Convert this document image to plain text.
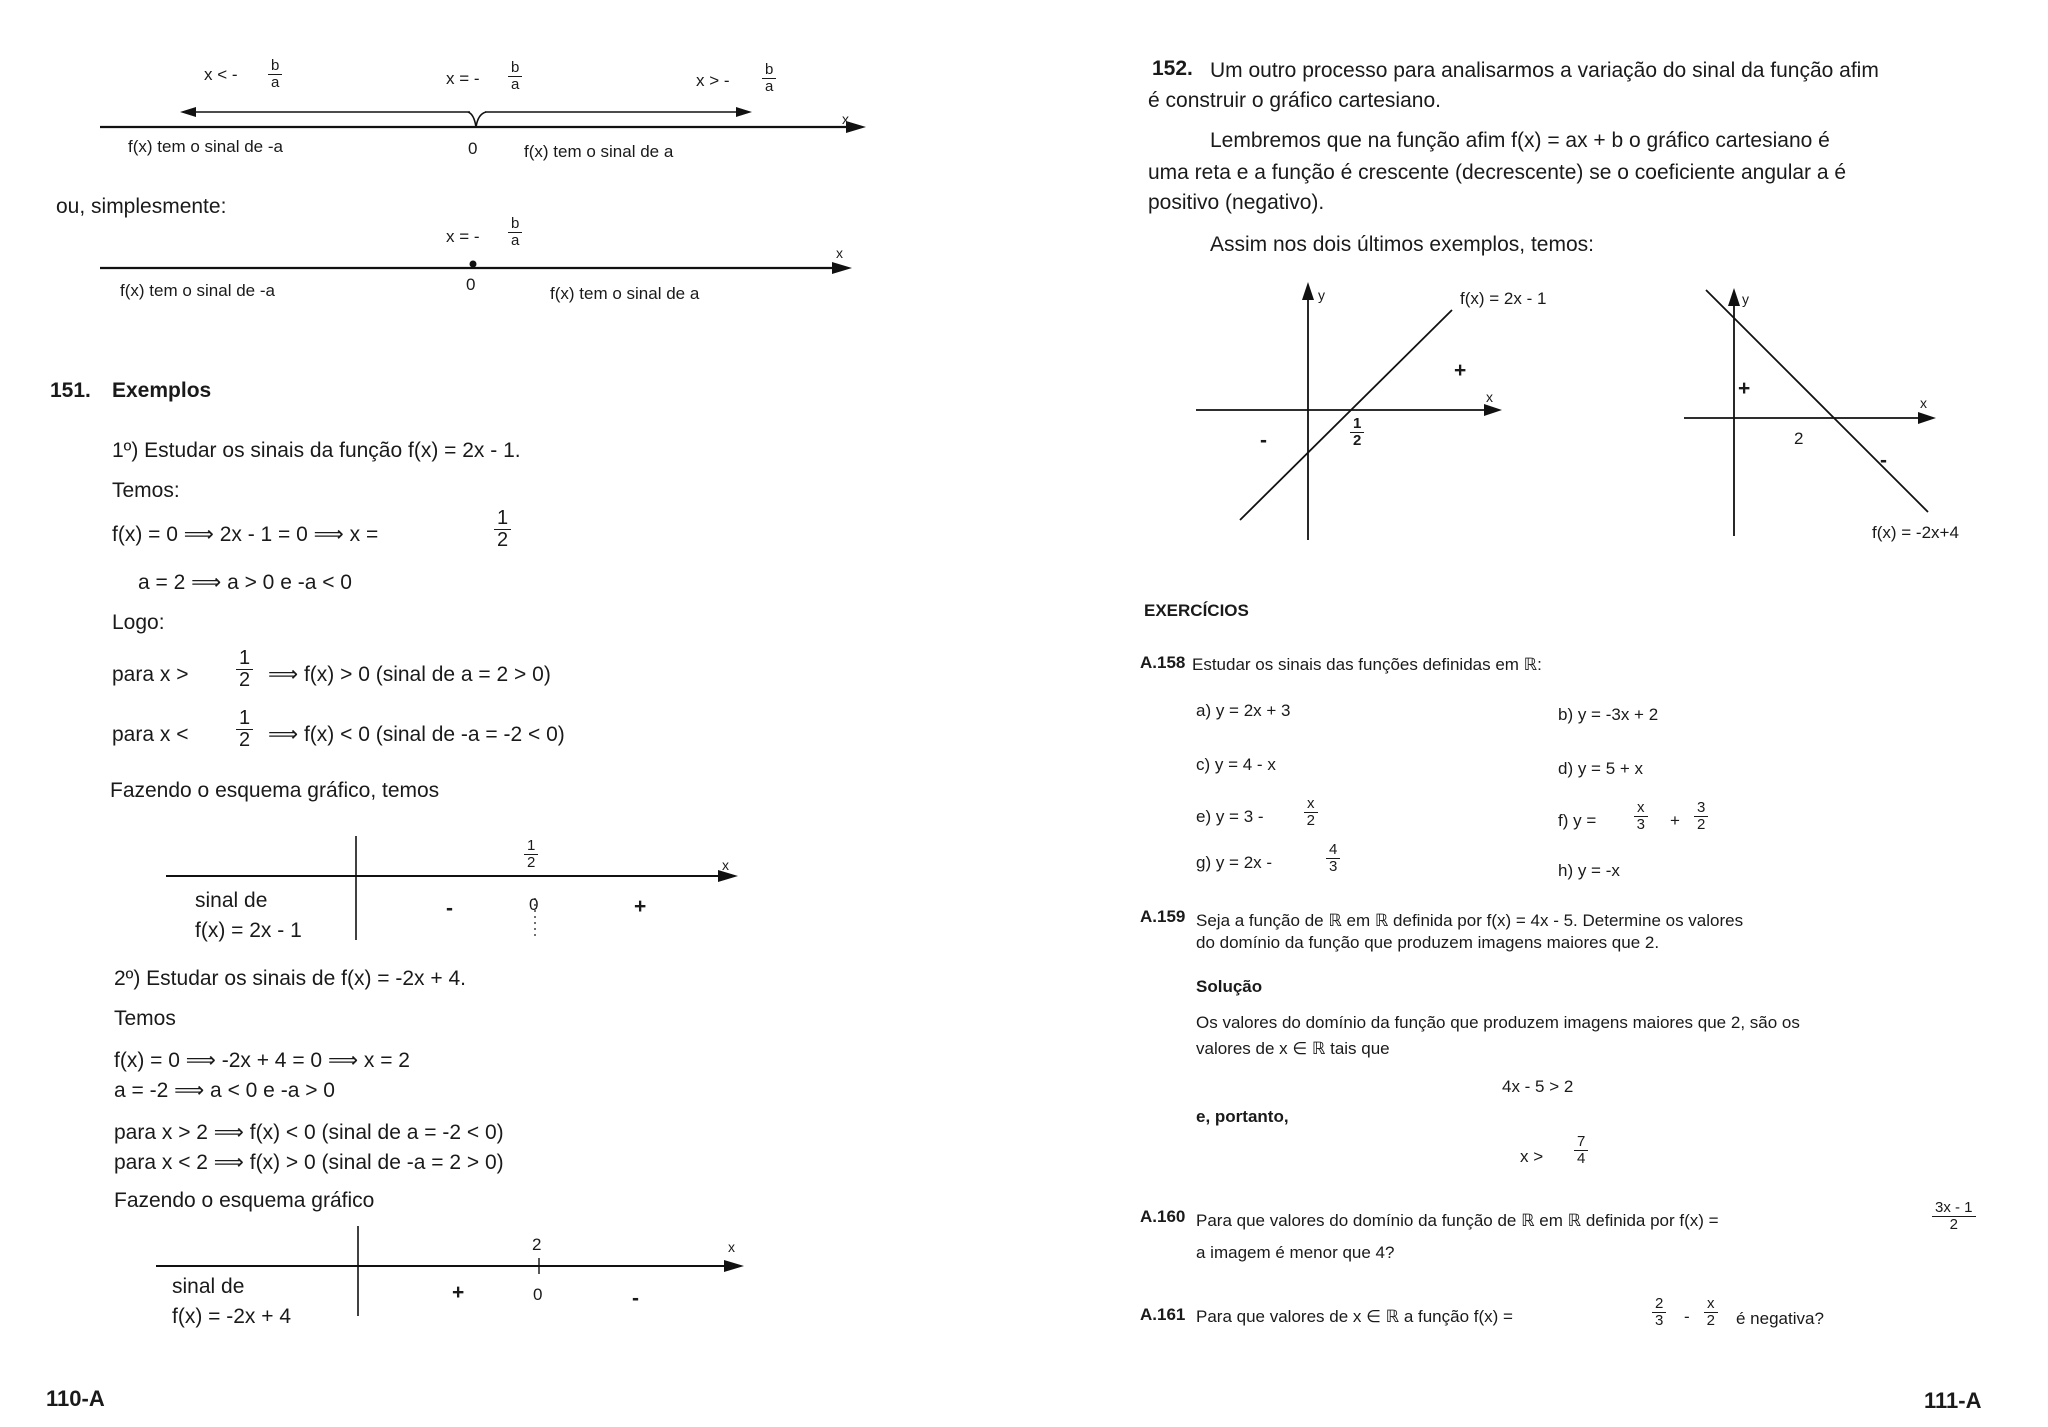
x < - $\frac{b}{a}$	x = - $\frac{b}{a}$	x > - $\frac{b}{a}$
x
f(x) tem o sinal de -a	0	f(x) tem o sinal de a
ou, simplesmente:
x = - $\frac{b}{a}$
x
f(x) tem o sinal de -a	0	f(x) tem o sinal de a
151. Exemplos
1º) Estudar os sinais da função f(x) = 2x - 1.
Temos:
f(x) = 0 ⟹ 2x - 1 = 0 ⟹ x =	$\frac{1}{2}$
a = 2 ⟹ a > 0 e -a < 0
Logo:
para $x > \frac{1}{2}$ ⟹ f(x) > 0 (sinal de a = 2 > 0)
para $x < \frac{1}{2}$ ⟹ f(x) < 0 (sinal de -a = -2 < 0)
Fazendo o esquema gráfico, temos
$\frac{1}{2}$	x
sinal de
f(x) = 2x - 1
-	0	+
2º) Estudar os sinais de f(x) = -2x + 4.
Temos
f(x) = 0 ⟹ -2x + 4 = 0 ⟹ x = 2
a = -2 ⟹ a < 0 e -a > 0
para x > 2 ⟹ f(x) < 0 (sinal de a = -2 < 0)
para x < 2 ⟹ f(x) > 0 (sinal de -a = 2 > 0)
Fazendo o esquema gráfico
2	x
sinal de
f(x) = -2x + 4
+	0	-
110-A
152. Um outro processo para analisarmos a variação do sinal da função afim
é construir o gráfico cartesiano.
Lembremos que na função afim f(x) = ax + b o gráfico cartesiano é
uma reta e a função é crescente (decrescente) se o coeficiente angular a é
positivo (negativo).
Assim nos dois últimos exemplos, temos:
y
x
f(x) = 2x - 1
+
-	$\frac{1}{2}$
y
x
+
2
-
f(x) = -2x+4
EXERCÍCIOS
A.158 Estudar os sinais das funções definidas em ℝ:
a) y = 2x + 3	b) y = -3x + 2
c) y = 4 - x	d) y = 5 + x
e) y = 3 -	$\frac{x}{2}$	f) y =	$\frac{x}{3} + \frac{3}{2}$
g) y = 2x -	$\frac{4}{3}$	h) y = -x
A.159 Seja a função de ℝ em ℝ definida por f(x) = 4x - 5. Determine os valores
do domínio da função que produzem imagens maiores que 2.
Solução
Os valores do domínio da função que produzem imagens maiores que 2, são os
valores de x ∈ ℝ tais que
4x - 5 > 2
e, portanto,
$x > \frac{7}{4}$
A.160 Para que valores do domínio da função de ℝ em ℝ definida por f(x) =	$\frac{3x - 1}{2}$
a imagem é menor que 4?
A.161 Para que valores de x ∈ ℝ a função f(x) =	$\frac{2}{3} - \frac{x}{2}$ é negativa?
111-A
